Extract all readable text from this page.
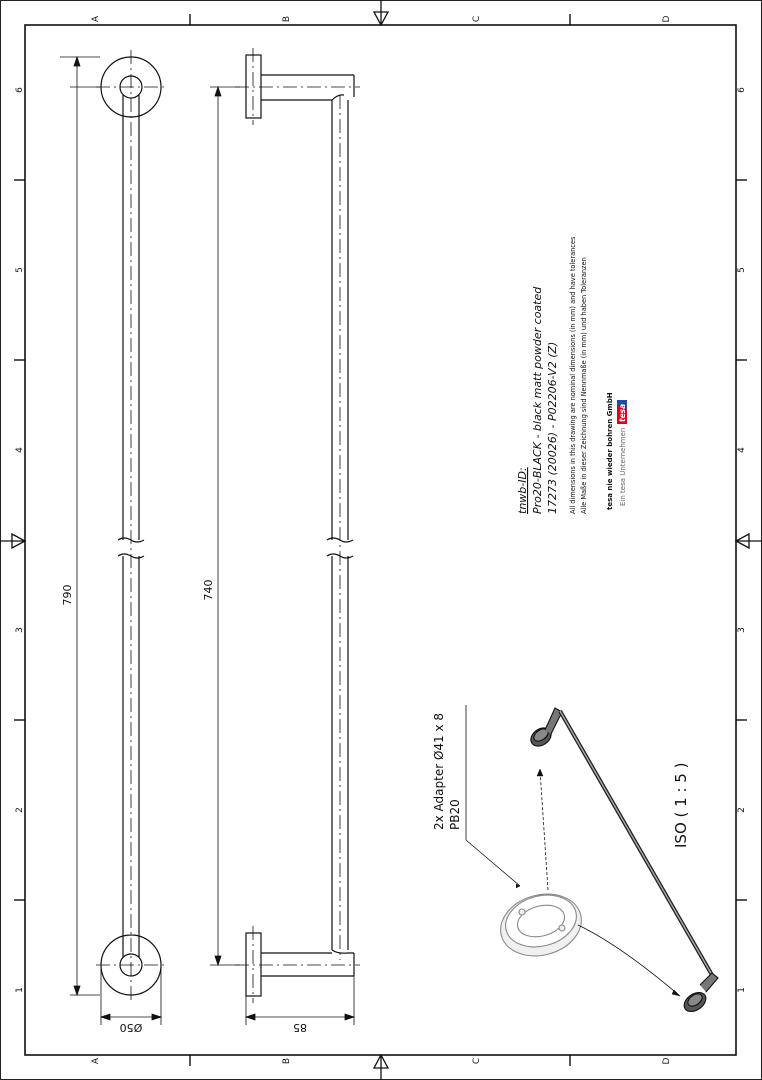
A	B	C	D
A	B	C	D
6
5
4
3
2
1
6
5
4
3
2
1
790
Ø50
740
85
2x Adapter Ø41 x 8 PB20	ISO ( 1 : 5 )
tnwb-ID: Pro20-BLACK - black matt powder coated 17273 (20026) - P02206-V2 (Z) All dimensions in this drawing are nominal dimensions (in mm) and have tolerances Alle Maße in dieser Zeichnung sind Nennmaße (in mm) und haben Toleranzen	tesa nie wieder bohren GmbH Ein tesa Unternehmen
tesa
